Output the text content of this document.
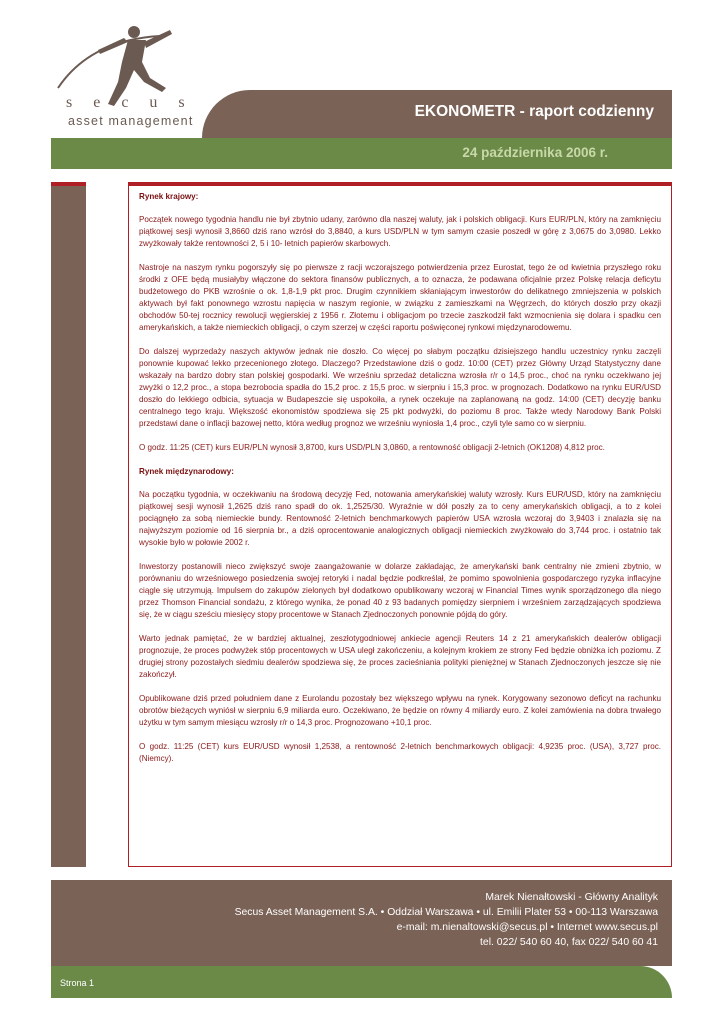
secus
asset management
EKONOMETR - raport codzienny
24 października 2006 r.
Rynek krajowy:

Początek nowego tygodnia handlu nie był zbytnio udany, zarówno dla naszej waluty, jak i polskich obligacji. Kurs EUR/PLN, który na zamknięciu piątkowej sesji wynosił 3,8660 dziś rano wzrósł do 3,8840, a kurs USD/PLN w tym samym czasie poszedł w górę z 3,0675 do 3,0980. Lekko zwyżkowały także rentowności 2, 5 i 10- letnich papierów skarbowych.

Nastroje na naszym rynku pogorszyły się po pierwsze z racji wczorajszego potwierdzenia przez Eurostat, tego że od kwietnia przyszłego roku środki z OFE będą musiałyby włączone do sektora finansów publicznych, a to oznacza, że podawana oficjalnie przez Polskę relacja deficytu budżetowego do PKB wzrośnie o ok. 1,8-1,9 pkt proc. Drugim czynnikiem skłaniającym inwestorów do delikatnego zmniejszenia w polskich aktywach był fakt ponownego wzrostu napięcia w naszym regionie, w związku z zamieszkami na Węgrzech, do których doszło przy okazji obchodów 50-tej rocznicy rewolucji węgierskiej z 1956 r. Złotemu i obligacjom po trzecie zaszkodził fakt wzmocnienia się dolara i spadku cen amerykańskich, a także niemieckich obligacji, o czym szerzej w części raportu poświęconej rynkowi międzynarodowemu.

Do dalszej wyprzedaży naszych aktywów jednak nie doszło. Co więcej po słabym początku dzisiejszego handlu uczestnicy rynku zaczęli ponownie kupować lekko przecenionego złotego. Dlaczego? Przedstawione dziś o godz. 10:00 (CET) przez Główny Urząd Statystyczny dane wskazały na bardzo dobry stan polskiej gospodarki. We wrześniu sprzedaż detaliczna wzrosła r/r o 14,5 proc., choć na rynku oczekiwano jej zwyżki o 12,2 proc., a stopa bezrobocia spadła do 15,2 proc. z 15,5 proc. w sierpniu i 15,3 proc. w prognozach. Dodatkowo na rynku EUR/USD doszło do lekkiego odbicia, sytuacja w Budapeszcie się uspokoiła, a rynek oczekuje na zaplanowaną na godz. 14:00 (CET) decyzję banku centralnego tego kraju. Większość ekonomistów spodziewa się 25 pkt podwyżki, do poziomu 8 proc. Także wtedy Narodowy Bank Polski przedstawi dane o inflacji bazowej netto, która według prognoz we wrześniu wyniosła 1,4 proc., czyli tyle samo co w sierpniu.

O godz. 11:25 (CET) kurs EUR/PLN wynosił 3,8700, kurs USD/PLN 3,0860, a rentowność obligacji 2-letnich (OK1208) 4,812 proc.

Rynek międzynarodowy:

Na początku tygodnia, w oczekiwaniu na środową decyzję Fed, notowania amerykańskiej waluty wzrosły. Kurs EUR/USD, który na zamknięciu piątkowej sesji wynosił 1,2625 dziś rano spadł do ok. 1,2525/30. Wyraźnie w dół poszły za to ceny amerykańskich obligacji, a to z kolei pociągnęło za sobą niemieckie bundy. Rentowność 2-letnich benchmarkowych papierów USA wzrosła wczoraj do 3,9403 i znalazła się na najwyższym poziomie od 16 sierpnia br., a dziś oprocentowanie analogicznych obligacji niemieckich zwyżkowało do 3,744 proc. i ostatnio tak wysokie było w połowie 2002 r.

Inwestorzy postanowili nieco zwiększyć swoje zaangażowanie w dolarze zakładając, że amerykański bank centralny nie zmieni zbytnio, w porównaniu do wrześniowego posiedzenia swojej retoryki i nadal będzie podkreślał, że pomimo spowolnienia gospodarczego ryzyka inflacyjne ciągle się utrzymują. Impulsem do zakupów zielonych był dodatkowo opublikowany wczoraj w Financial Times wynik sporządzonego dla niego przez Thomson Financial sondażu, z którego wynika, że ponad 40 z 93 badanych pomiędzy sierpniem i wrześniem zarządzających spodziewa się, że w ciągu sześciu miesięcy stopy procentowe w Stanach Zjednoczonych ponownie pójdą do góry.

Warto jednak pamiętać, że w bardziej aktualnej, zeszłotygodniowej ankiecie agencji Reuters 14 z 21 amerykańskich dealerów obligacji prognozuje, że proces podwyżek stóp procentowych w USA uległ zakończeniu, a kolejnym krokiem ze strony Fed będzie obniżka ich poziomu. Z drugiej strony pozostałych siedmiu dealerów spodziewa się, że proces zacieśniania polityki pieniężnej w Stanach Zjednoczonych jeszcze się nie zakończył.

Opublikowane dziś przed południem dane z Eurolandu pozostały bez większego wpływu na rynek. Korygowany sezonowo deficyt na rachunku obrotów bieżących wyniósł w sierpniu 6,9 miliarda euro. Oczekiwano, że będzie on równy 4 miliardy euro. Z kolei zamówienia na dobra trwałego użytku w tym samym miesiącu wzrosły r/r o 14,3 proc. Prognozowano +10,1 proc.

O godz. 11:25 (CET) kurs EUR/USD wynosił 1,2538, a rentowność 2-letnich benchmarkowych obligacji: 4,9235 proc. (USA), 3,727 proc. (Niemcy).

Marek Nienałtowski - Główny Analityk
Secus Asset Management S.A. • Oddział Warszawa • ul. Emilii Plater 53 • 00-113 Warszawa
e-mail: m.nienaltowski@secus.pl • Internet www.secus.pl
tel. 022/ 540 60 40, fax 022/ 540 60 41
Strona 1
